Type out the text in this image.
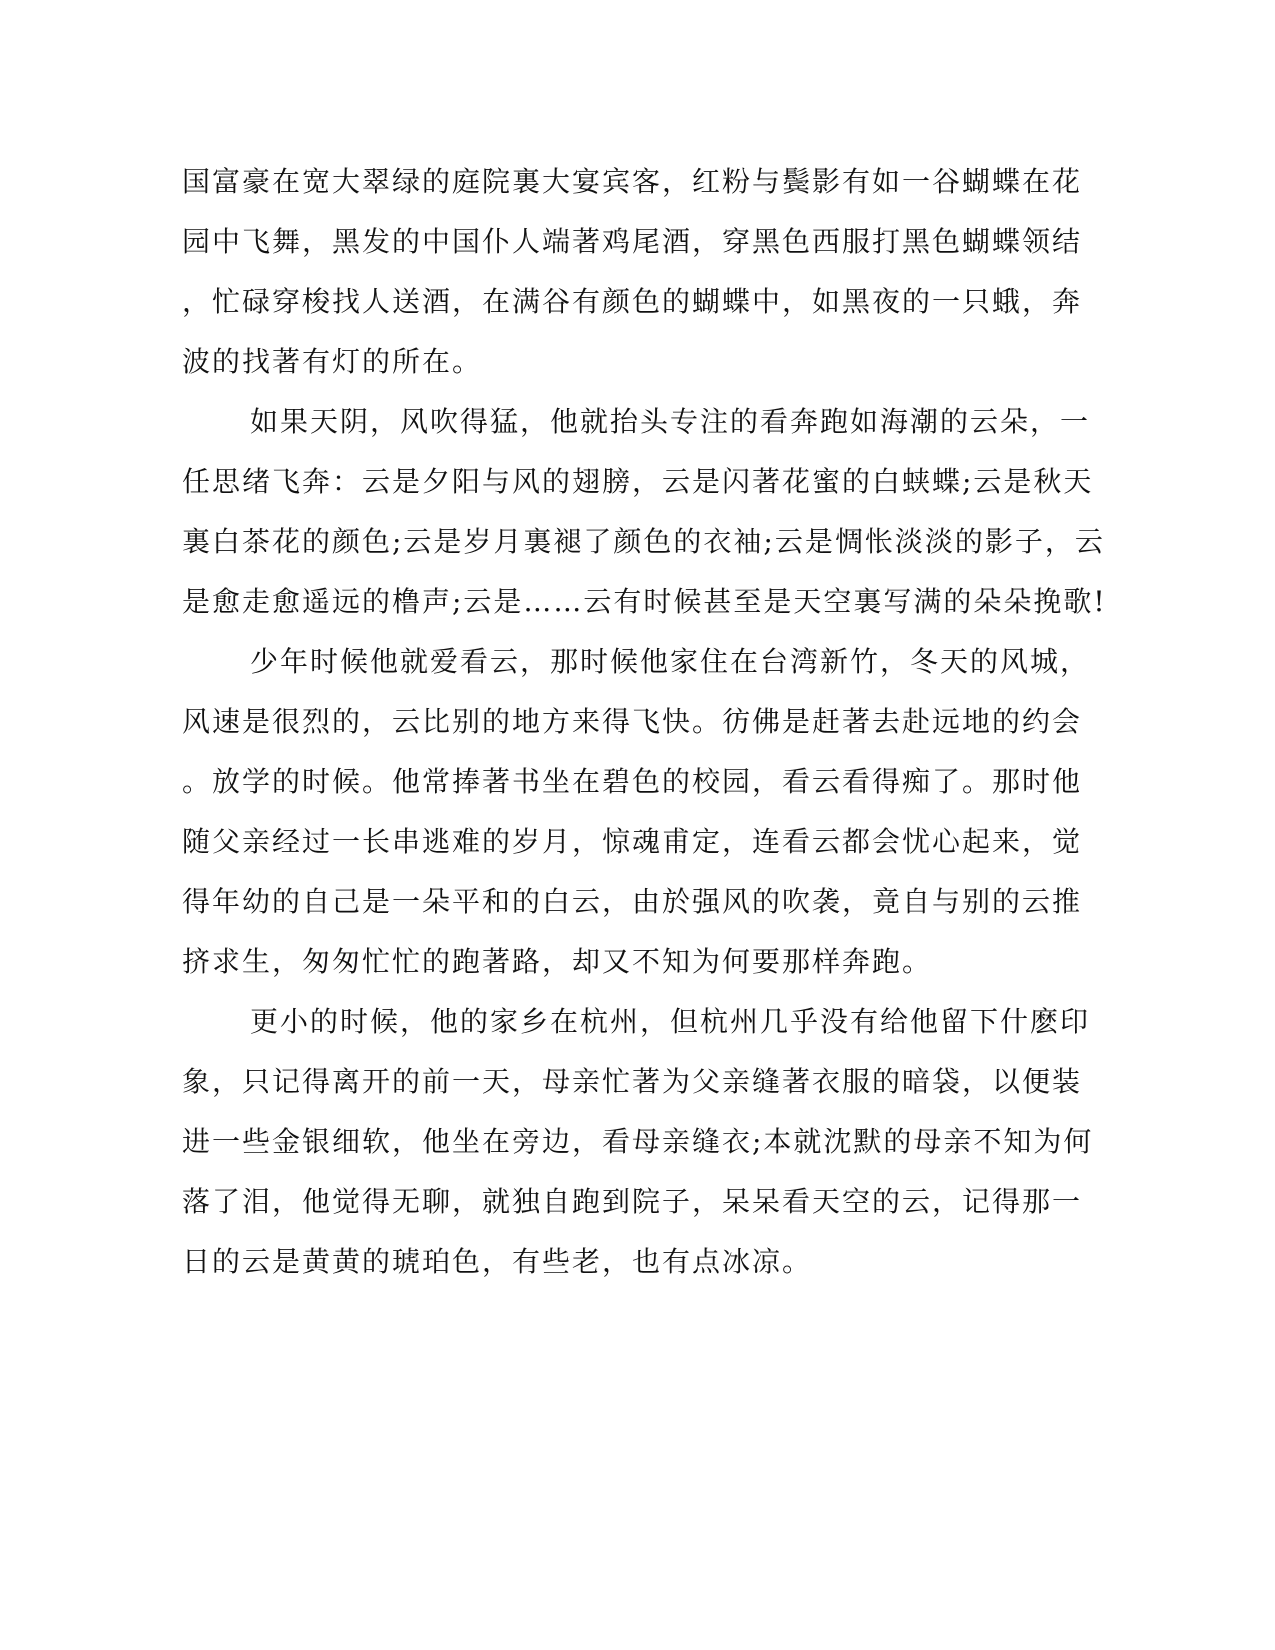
国富豪在宽大翠绿的庭院裏大宴宾客，红粉与鬓影有如一谷蝴蝶在花
园中飞舞，黑发的中国仆人端著鸡尾酒，穿黑色西服打黑色蝴蝶领结
，忙碌穿梭找人送酒，在满谷有颜色的蝴蝶中，如黑夜的一只蛾，奔
波的找著有灯的所在。
如果天阴，风吹得猛，他就抬头专注的看奔跑如海潮的云朵，一
任思绪飞奔：云是夕阳与风的翅膀，云是闪著花蜜的白蛱蝶;云是秋天
裏白茶花的颜色;云是岁月裏褪了颜色的衣袖;云是惆怅淡淡的影子，云
是愈走愈遥远的橹声;云是……云有时候甚至是天空裏写满的朵朵挽歌!
少年时候他就爱看云，那时候他家住在台湾新竹，冬天的风城，
风速是很烈的，云比别的地方来得飞快。彷佛是赶著去赴远地的约会
。放学的时候。他常捧著书坐在碧色的校园，看云看得痴了。那时他
随父亲经过一长串逃难的岁月，惊魂甫定，连看云都会忧心起来，觉
得年幼的自己是一朵平和的白云，由於强风的吹袭，竟自与别的云推
挤求生，匆匆忙忙的跑著路，却又不知为何要那样奔跑。
更小的时候，他的家乡在杭州，但杭州几乎没有给他留下什麽印
象，只记得离开的前一天，母亲忙著为父亲缝著衣服的暗袋，以便装
进一些金银细软，他坐在旁边，看母亲缝衣;本就沈默的母亲不知为何
落了泪，他觉得无聊，就独自跑到院子，呆呆看天空的云，记得那一
日的云是黄黄的琥珀色，有些老，也有点冰凉。
